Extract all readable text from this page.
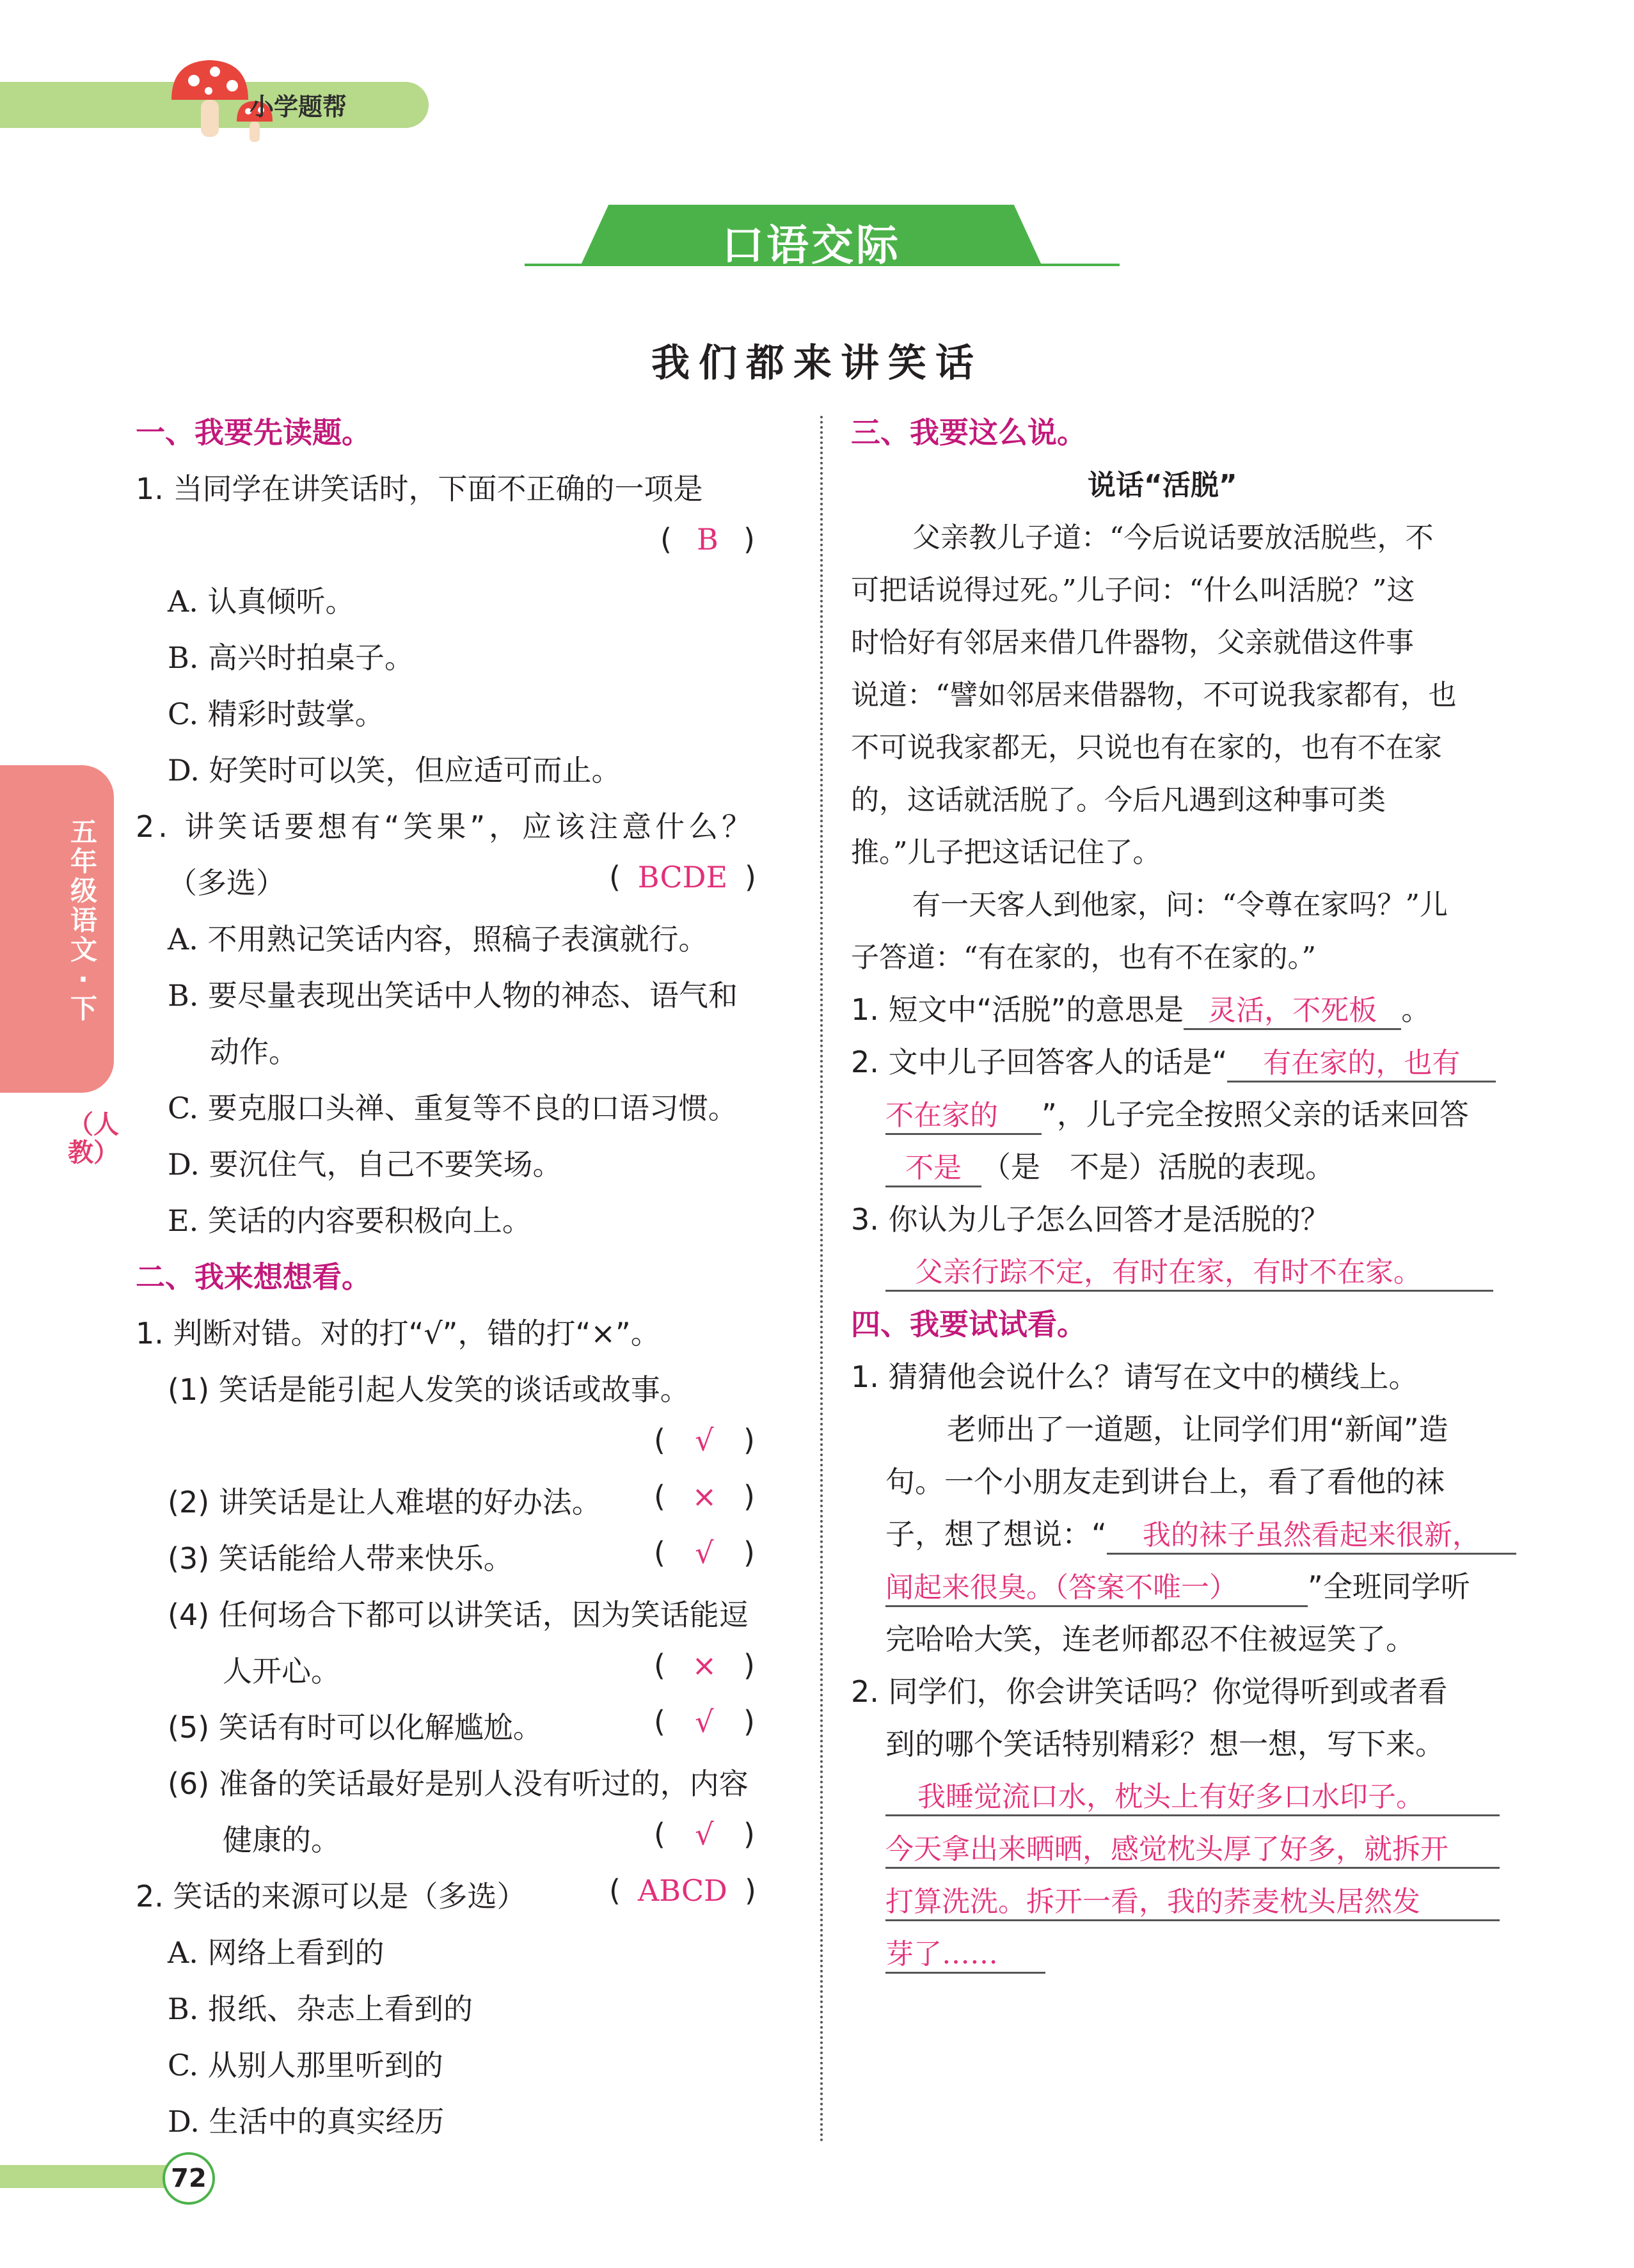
小学题帮
口语交际
我们都来讲笑话
五年级语文·下
（人教）
一、我要先读题。
1. 当同学在讲笑话时，下面不正确的一项是
( B )
A. 认真倾听。
B. 高兴时拍桌子。
C. 精彩时鼓掌。
D. 好笑时可以笑，但应适可而止。
2. 讲笑话要想有“笑果”，应该注意什么？
（多选）	( BCDE )
A. 不用熟记笑话内容，照稿子表演就行。
B. 要尽量表现出笑话中人物的神态、语气和
动作。
C. 要克服口头禅、重复等不良的口语习惯。
D. 要沉住气，自己不要笑场。
E. 笑话的内容要积极向上。
二、我来想想看。
1. 判断对错。对的打“√”，错的打“×”。
(1) 笑话是能引起人发笑的谈话或故事。
( √ )
(2) 讲笑话是让人难堪的好办法。 ( × )
(3) 笑话能给人带来快乐。	( √ )
(4) 任何场合下都可以讲笑话，因为笑话能逗
人开心。	( × )
(5) 笑话有时可以化解尴尬。	( √ )
(6) 准备的笑话最好是别人没有听过的，内容
健康的。	( √ )
2. 笑话的来源可以是（多选）	( ABCD )
A. 网络上看到的
B. 报纸、杂志上看到的
C. 从别人那里听到的
D. 生活中的真实经历
三、我要这么说。
说话“活脱”
父亲教儿子道：“今后说话要放活脱些，不
可把话说得过死。”儿子问：“什么叫活脱？”这
时恰好有邻居来借几件器物，父亲就借这件事
说道：“譬如邻居来借器物，不可说我家都有，也
不可说我家都无，只说也有在家的，也有不在家
的，这话就活脱了。今后凡遇到这种事可类
推。”儿子把这话记住了。
有一天客人到他家，问：“令尊在家吗？”儿
子答道：“有在家的，也有不在家的。”
1. 短文中“活脱”的意思是 灵活，不死板 。
2. 文中儿子回答客人的话是“ 有在家的，也有
不在家的 ”，儿子完全按照父亲的话来回答
不是 （是　不是）活脱的表现。
3. 你认为儿子怎么回答才是活脱的？
父亲行踪不定，有时在家，有时不在家。
四、我要试试看。
1. 猜猜他会说什么？请写在文中的横线上。
老师出了一道题，让同学们用“新闻”造
句。一个小朋友走到讲台上，看了看他的袜
子，想了想说：“ 我的袜子虽然看起来很新，
闻起来很臭。（答案不唯一） ”全班同学听
完哈哈大笑，连老师都忍不住被逗笑了。
2. 同学们，你会讲笑话吗？你觉得听到或者看
到的哪个笑话特别精彩？想一想，写下来。
我睡觉流口水，枕头上有好多口水印子。
今天拿出来晒晒，感觉枕头厚了好多，就拆开
打算洗洗。拆开一看，我的荞麦枕头居然发
芽了……
72
